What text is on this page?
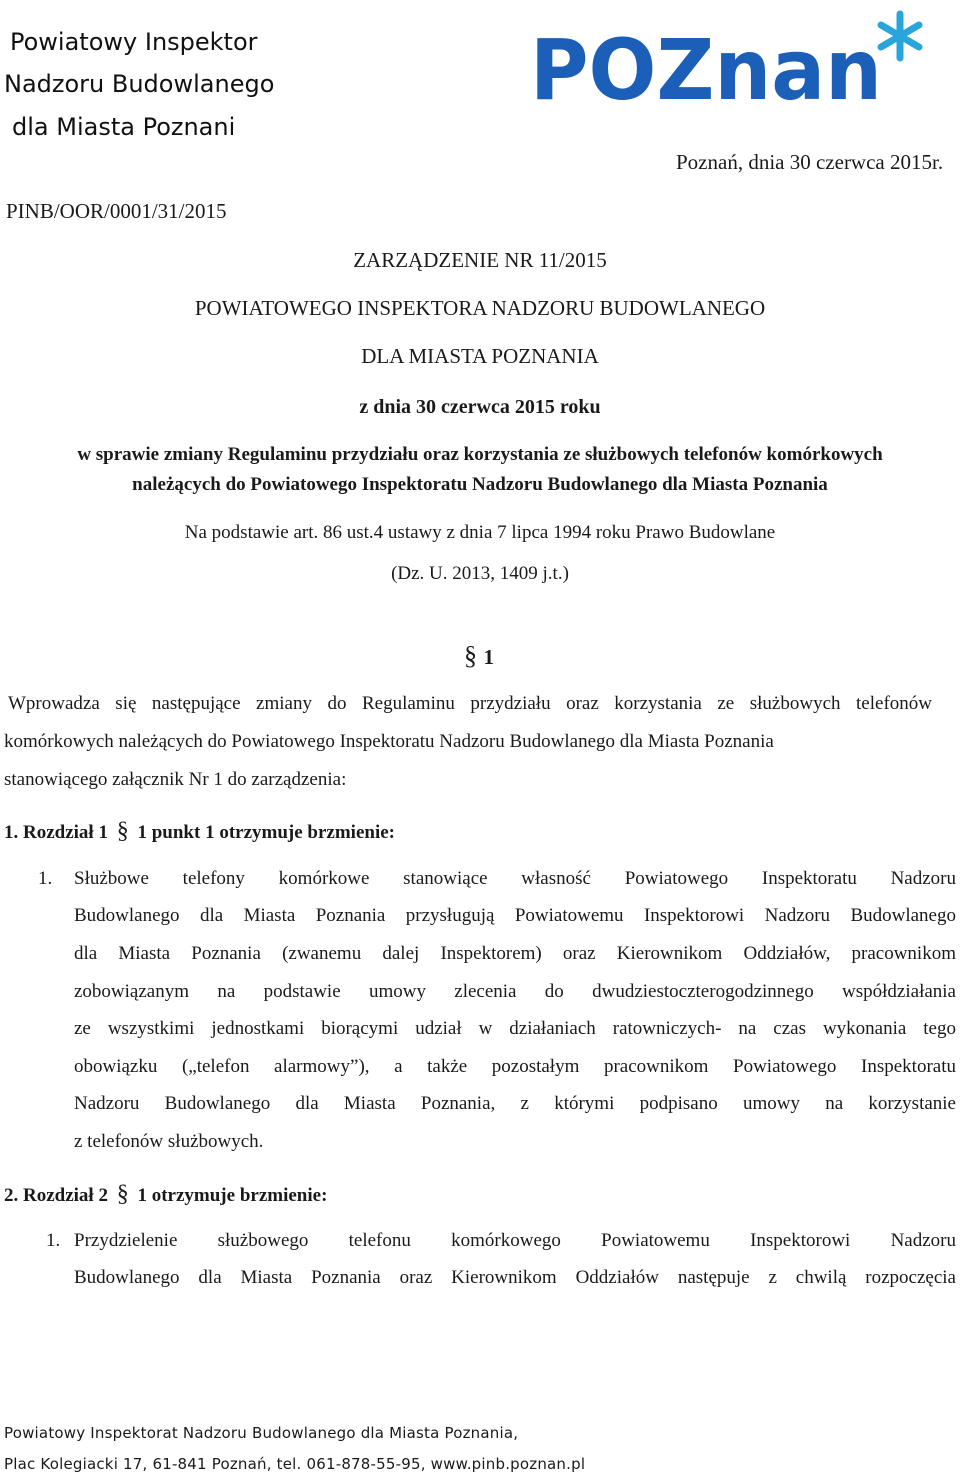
Powiatowy Inspektor
Nadzoru Budowlanego
dla Miasta Poznani
POZnan
Poznań, dnia 30 czerwca 2015r.
PINB/OOR/0001/31/2015
ZARZĄDZENIE NR 11/2015
POWIATOWEGO INSPEKTORA NADZORU BUDOWLANEGO
DLA MIASTA POZNANIA
z dnia 30 czerwca 2015 roku
w sprawie zmiany Regulaminu przydziału oraz korzystania ze służbowych telefonów komórkowych
należących do Powiatowego Inspektoratu Nadzoru Budowlanego dla Miasta Poznania
Na podstawie art. 86 ust.4 ustawy z dnia 7 lipca 1994 roku Prawo Budowlane
(Dz. U. 2013, 1409 j.t.)
§ 1
Wprowadza się następujące zmiany do Regulaminu przydziału oraz korzystania ze służbowych telefonów
komórkowych należących do Powiatowego Inspektoratu Nadzoru Budowlanego dla Miasta Poznania
stanowiącego załącznik Nr 1 do zarządzenia:
1. Rozdział 1 § 1 punkt 1 otrzymuje brzmienie:
1. Służbowe telefony komórkowe stanowiące własność Powiatowego Inspektoratu Nadzoru
Budowlanego dla Miasta Poznania przysługują Powiatowemu Inspektorowi Nadzoru Budowlanego
dla Miasta Poznania (zwanemu dalej Inspektorem) oraz Kierownikom Oddziałów, pracownikom
zobowiązanym na podstawie umowy zlecenia do dwudziestoczterogodzinnego współdziałania
ze wszystkimi jednostkami biorącymi udział w działaniach ratowniczych- na czas wykonania tego
obowiązku („telefon alarmowy”), a także pozostałym pracownikom Powiatowego Inspektoratu
Nadzoru Budowlanego dla Miasta Poznania, z którymi podpisano umowy na korzystanie
z telefonów służbowych.
2. Rozdział 2 § 1 otrzymuje brzmienie:
1. Przydzielenie służbowego telefonu komórkowego Powiatowemu Inspektorowi Nadzoru
Budowlanego dla Miasta Poznania oraz Kierownikom Oddziałów następuje z chwilą rozpoczęcia
Powiatowy Inspektorat Nadzoru Budowlanego dla Miasta Poznania,
Plac Kolegiacki 17, 61-841 Poznań, tel. 061-878-55-95, www.pinb.poznan.pl
